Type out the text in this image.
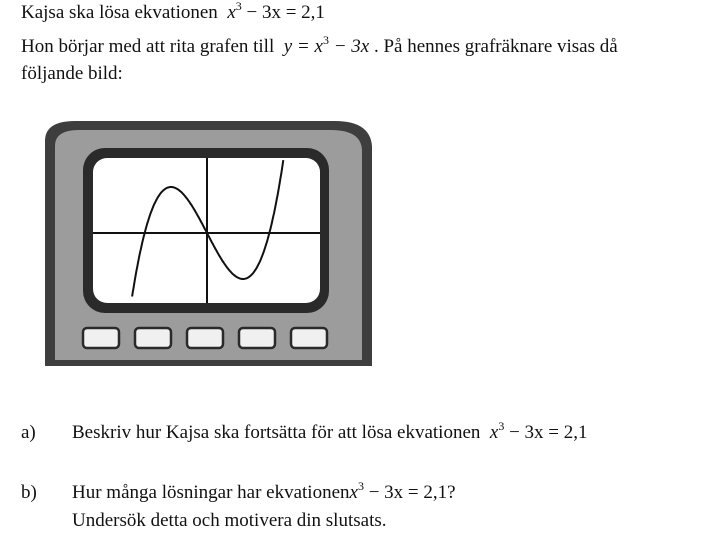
Kajsa ska lösa ekvationen $x^3 - 3x = 2,1$
Hon börjar med att rita grafen till $y = x^3 - 3x$ . På hennes grafräknare visas då
följande bild:
a) Beskriv hur Kajsa ska fortsätta för att lösa ekvationen $x^3 - 3x = 2,1$
b) Hur många lösningar har ekvationenx$^3$ − 3x = 2,1?
Undersök detta och motivera din slutsats.
